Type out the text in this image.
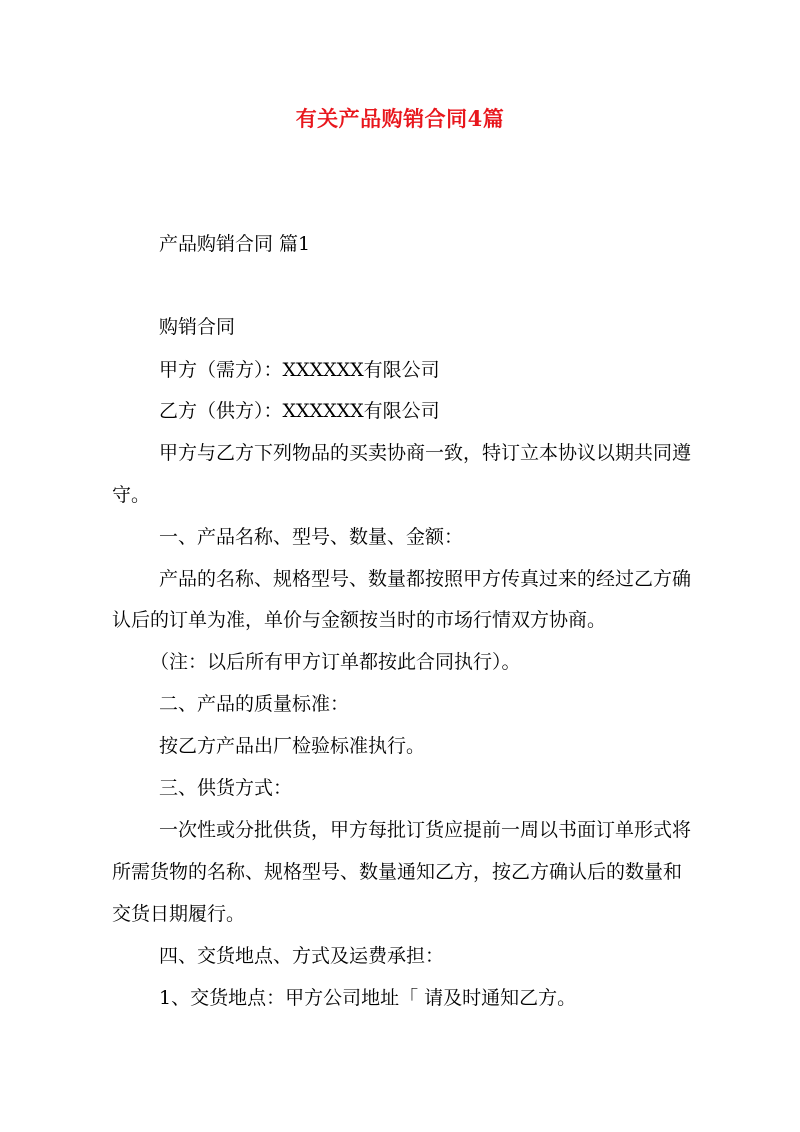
有关产品购销合同4篇
产品购销合同 篇1
购销合同
甲方（需方）：XXXXXX有限公司
乙方（供方）：XXXXXX有限公司
甲方与乙方下列物品的买卖协商一致，特订立本协议以期共同遵
守。
一、产品名称、型号、数量、金额：
产品的名称、规格型号、数量都按照甲方传真过来的经过乙方确
认后的订单为准，单价与金额按当时的市场行情双方协商。
（注：以后所有甲方订单都按此合同执行）。
二、产品的质量标准：
按乙方产品出厂检验标准执行。
三、供货方式：
一次性或分批供货，甲方每批订货应提前一周以书面订单形式将
所需货物的名称、规格型号、数量通知乙方，按乙方确认后的数量和
交货日期履行。
四、交货地点、方式及运费承担：
1、交货地点：甲方公司地址「 请及时通知乙方。
